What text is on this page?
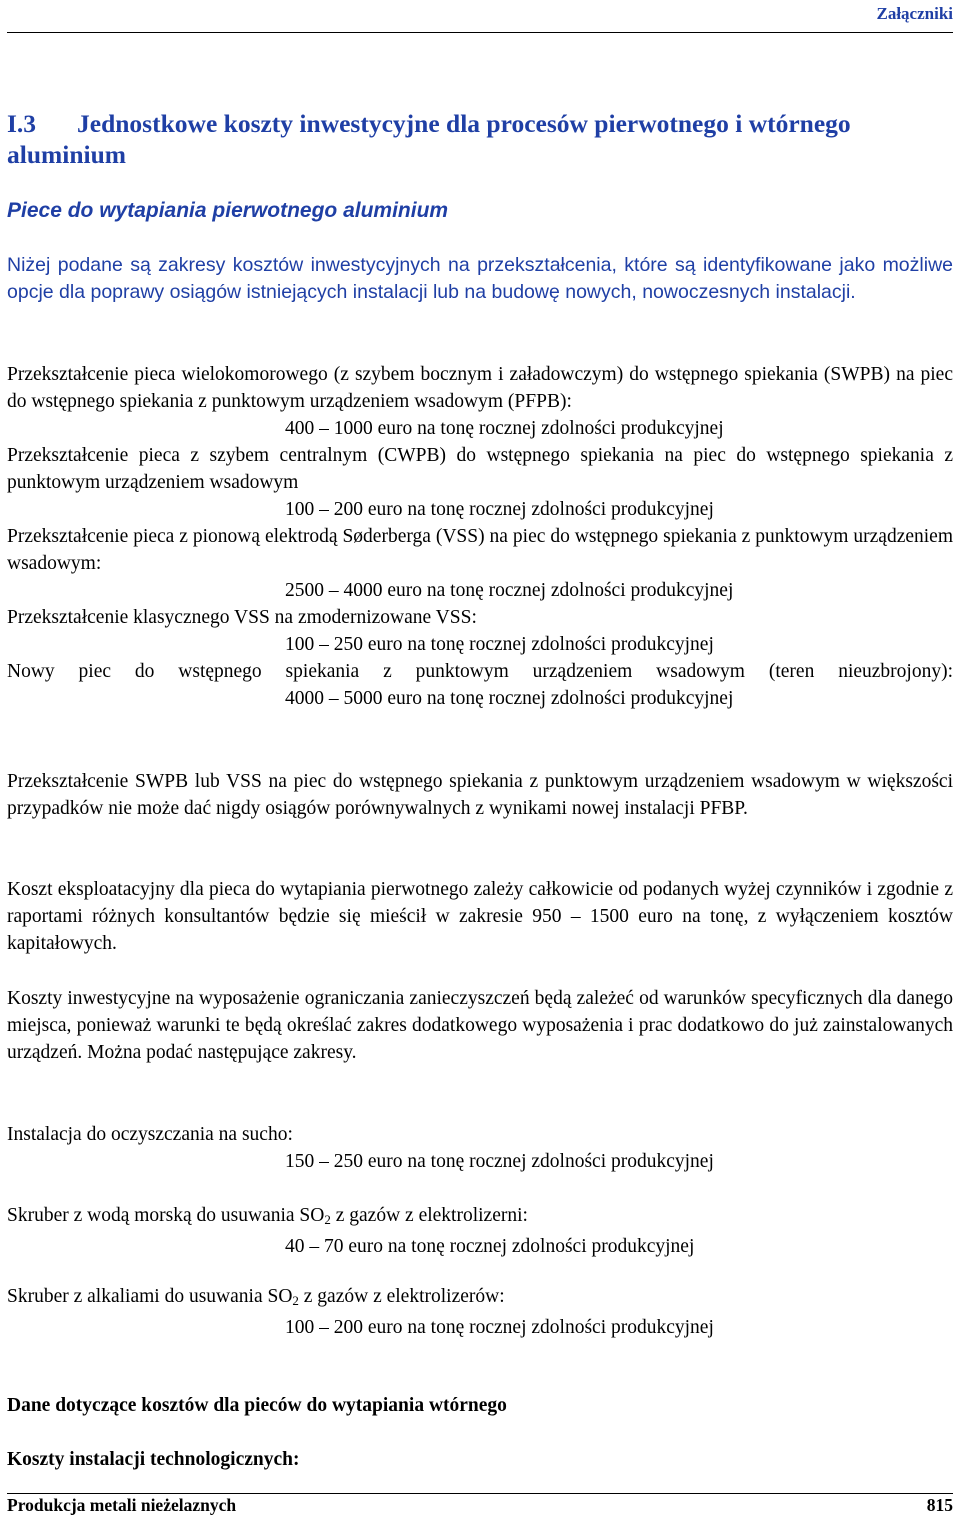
Załączniki
I.3 Jednostkowe koszty inwestycyjne dla procesów pierwotnego i wtórnego aluminium
Piece do wytapiania pierwotnego aluminium
Niżej podane są zakresy kosztów inwestycyjnych na przekształcenia, które są identyfikowane jako możliwe opcje dla poprawy osiągów istniejących instalacji lub na budowę nowych, nowoczesnych instalacji.

Przekształcenie pieca wielokomorowego (z szybem bocznym i załadowczym) do wstępnego spiekania (SWPB) na piec do wstępnego spiekania z punktowym urządzeniem wsadowym (PFPB):

400 – 1000 euro na tonę rocznej zdolności produkcyjnej

Przekształcenie pieca z szybem centralnym (CWPB) do wstępnego spiekania na piec do wstępnego spiekania z punktowym urządzeniem wsadowym

100 – 200 euro na tonę rocznej zdolności produkcyjnej

Przekształcenie pieca z pionową elektrodą Søderberga (VSS) na piec do wstępnego spiekania z punktowym urządzeniem wsadowym:

2500 – 4000 euro na tonę rocznej zdolności produkcyjnej

Przekształcenie klasycznego VSS na zmodernizowane VSS:

100 – 250 euro na tonę rocznej zdolności produkcyjnej

Nowy piec do wstępnego spiekania z punktowym urządzeniem wsadowym (teren nieuzbrojony):

4000 – 5000 euro na tonę rocznej zdolności produkcyjnej

Przekształcenie SWPB lub VSS na piec do wstępnego spiekania z punktowym urządzeniem wsadowym w większości przypadków nie może dać nigdy osiągów porównywalnych z wynikami nowej instalacji PFBP.
Koszt eksploatacyjny dla pieca do wytapiania pierwotnego zależy całkowicie od podanych wyżej czynników i zgodnie z raportami różnych konsultantów będzie się mieścił w zakresie 950 – 1500 euro na tonę, z wyłączeniem kosztów kapitałowych.
Koszty inwestycyjne na wyposażenie ograniczania zanieczyszczeń będą zależeć od warunków specyficznych dla danego miejsca, ponieważ warunki te będą określać zakres dodatkowego wyposażenia i prac dodatkowo do już zainstalowanych urządzeń. Można podać następujące zakresy.

Instalacja do oczyszczania na sucho:

150 – 250 euro na tonę rocznej zdolności produkcyjnej

Skruber z wodą morską do usuwania $SO_2$ z gazów z elektrolizerni:

40 – 70 euro na tonę rocznej zdolności produkcyjnej

Skruber z alkaliami do usuwania $SO_2$ z gazów z elektrolizerów:

100 – 200 euro na tonę rocznej zdolności produkcyjnej

Dane dotyczące kosztów dla pieców do wytapiania wtórnego
Koszty instalacji technologicznych:
Produkcja metali nieżelaznych	815
